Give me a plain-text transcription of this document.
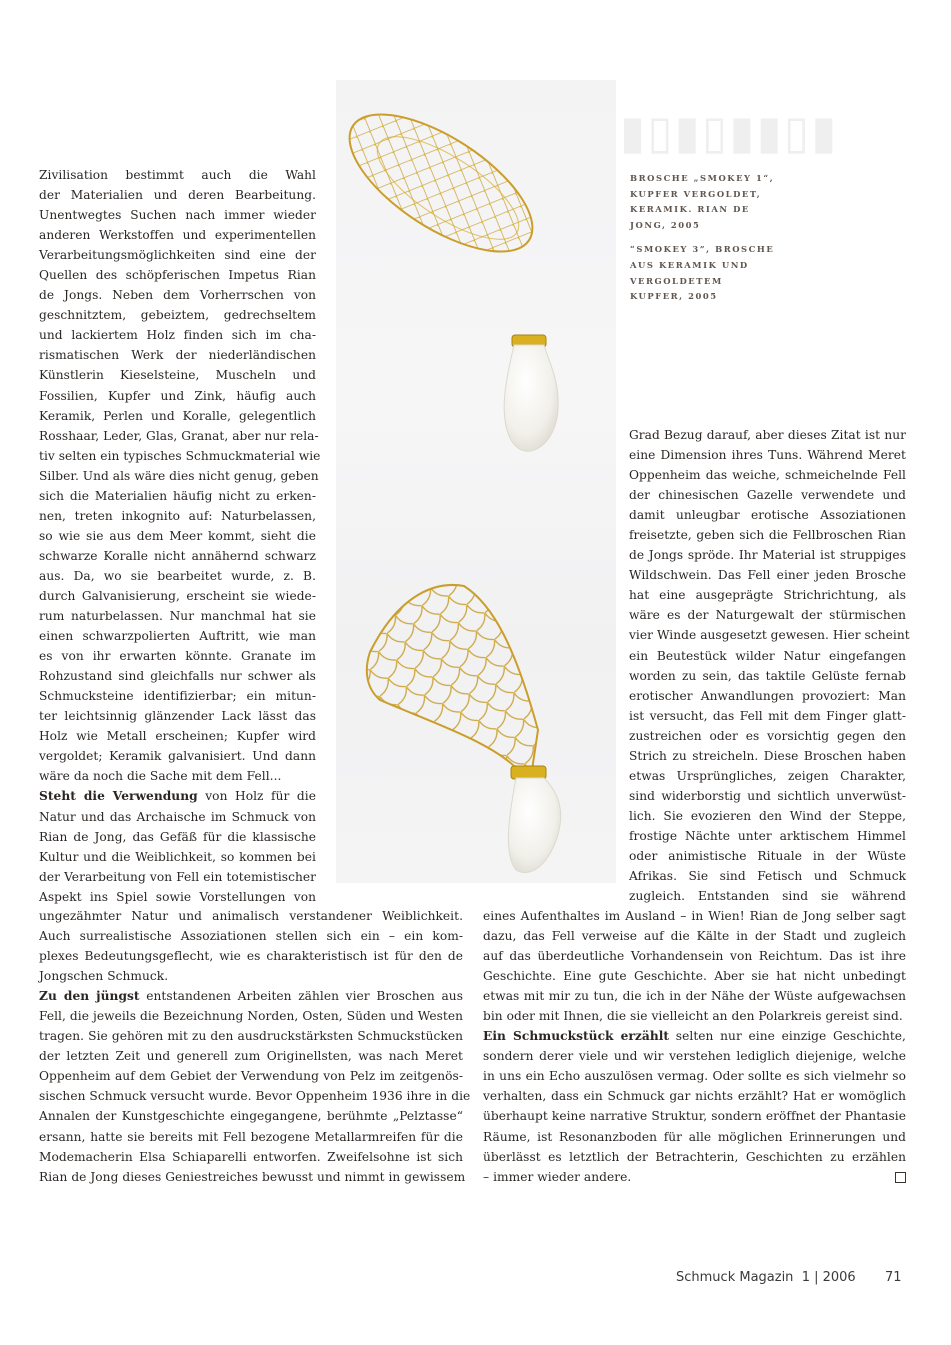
▮▯▮▯▮▮▯▮
BROSCHE „SMOKEY 1“,
KUPFER VERGOLDET,
KERAMIK. RIAN DE
JONG, 2005
“SMOKEY 3”, BROSCHE
AUS KERAMIK UND
VERGOLDETEM
KUPFER, 2005

Zivilisation bestimmt auch die Wahl

der Materialien und deren Bearbeitung.

Unentwegtes Suchen nach immer wieder

anderen Werkstoffen und experimentellen

Verarbeitungsmöglichkeiten sind eine der

Quellen des schöpferischen Impetus Rian

de Jongs. Neben dem Vorherrschen von

geschnitztem, gebeiztem, gedrechseltem

und lackiertem Holz finden sich im cha-

rismatischen Werk der niederländischen

Künstlerin Kieselsteine, Muscheln und

Fossilien, Kupfer und Zink, häufig auch

Keramik, Perlen und Koralle, gelegentlich

Rosshaar, Leder, Glas, Granat, aber nur rela-

tiv selten ein typisches Schmuckmaterial wie

Silber. Und als wäre dies nicht genug, geben

sich die Materialien häufig nicht zu erken-

nen, treten inkognito auf: Naturbelassen,

so wie sie aus dem Meer kommt, sieht die

schwarze Koralle nicht annähernd schwarz

aus. Da, wo sie bearbeitet wurde, z. B.

durch Galvanisierung, erscheint sie wiede-

rum naturbelassen. Nur manchmal hat sie

einen schwarzpolierten Auftritt, wie man

es von ihr erwarten könnte. Granate im

Rohzustand sind gleichfalls nur schwer als

Schmucksteine identifizierbar; ein mitun-

ter leichtsinnig glänzender Lack lässt das

Holz wie Metall erscheinen; Kupfer wird

vergoldet; Keramik galvanisiert. Und dann

wäre da noch die Sache mit dem Fell...

Steht die Verwendung von Holz für die

Natur und das Archaische im Schmuck von

Rian de Jong, das Gefäß für die klassische

Kultur und die Weiblichkeit, so kommen bei

der Verarbeitung von Fell ein totemistischer

Aspekt ins Spiel sowie Vorstellungen von

ungezähmter Natur und animalisch verstandener Weiblichkeit.

Auch surrealistische Assoziationen stellen sich ein – ein kom-

plexes Bedeutungsgeflecht, wie es charakteristisch ist für den de

Jongschen Schmuck.

Zu den jüngst entstandenen Arbeiten zählen vier Broschen aus

Fell, die jeweils die Bezeichnung Norden, Osten, Süden und Westen

tragen. Sie gehören mit zu den ausdruckstärksten Schmuckstücken

der letzten Zeit und generell zum Originellsten, was nach Meret

Oppenheim auf dem Gebiet der Verwendung von Pelz im zeitgenös-

sischen Schmuck versucht wurde. Bevor Oppenheim 1936 ihre in die

Annalen der Kunstgeschichte eingegangene, berühmte „Pelztasse“

ersann, hatte sie bereits mit Fell bezogene Metallarmreifen für die

Modemacherin Elsa Schiaparelli entworfen. Zweifelsohne ist sich

Rian de Jong dieses Geniestreiches bewusst und nimmt in gewissem

Grad Bezug darauf, aber dieses Zitat ist nur

eine Dimension ihres Tuns. Während Meret

Oppenheim das weiche, schmeichelnde Fell

der chinesischen Gazelle verwendete und

damit unleugbar erotische Assoziationen

freisetzte, geben sich die Fellbroschen Rian

de Jongs spröde. Ihr Material ist struppiges

Wildschwein. Das Fell einer jeden Brosche

hat eine ausgeprägte Strichrichtung, als

wäre es der Naturgewalt der stürmischen

vier Winde ausgesetzt gewesen. Hier scheint

ein Beutestück wilder Natur eingefangen

worden zu sein, das taktile Gelüste fernab

erotischer Anwandlungen provoziert: Man

ist versucht, das Fell mit dem Finger glatt-

zustreichen oder es vorsichtig gegen den

Strich zu streicheln. Diese Broschen haben

etwas Ursprüngliches, zeigen Charakter,

sind widerborstig und sichtlich unverwüst-

lich. Sie evozieren den Wind der Steppe,

frostige Nächte unter arktischem Himmel

oder animistische Rituale in der Wüste

Afrikas. Sie sind Fetisch und Schmuck

zugleich. Entstanden sind sie während

eines Aufenthaltes im Ausland – in Wien! Rian de Jong selber sagt

dazu, das Fell verweise auf die Kälte in der Stadt und zugleich

auf das überdeutliche Vorhandensein von Reichtum. Das ist ihre

Geschichte. Eine gute Geschichte. Aber sie hat nicht unbedingt

etwas mit mir zu tun, die ich in der Nähe der Wüste aufgewachsen

bin oder mit Ihnen, die sie vielleicht an den Polarkreis gereist sind.

Ein Schmuckstück erzählt selten nur eine einzige Geschichte,

sondern derer viele und wir verstehen lediglich diejenige, welche

in uns ein Echo auszulösen vermag. Oder sollte es sich vielmehr so

verhalten, dass ein Schmuck gar nichts erzählt? Hat er womöglich

überhaupt keine narrative Struktur, sondern eröffnet der Phantasie

Räume, ist Resonanzboden für alle möglichen Erinnerungen und

überlässt es letztlich der Betrachterin, Geschichten zu erzählen

– immer wieder andere.

Schmuck Magazin 1 | 2006 71
